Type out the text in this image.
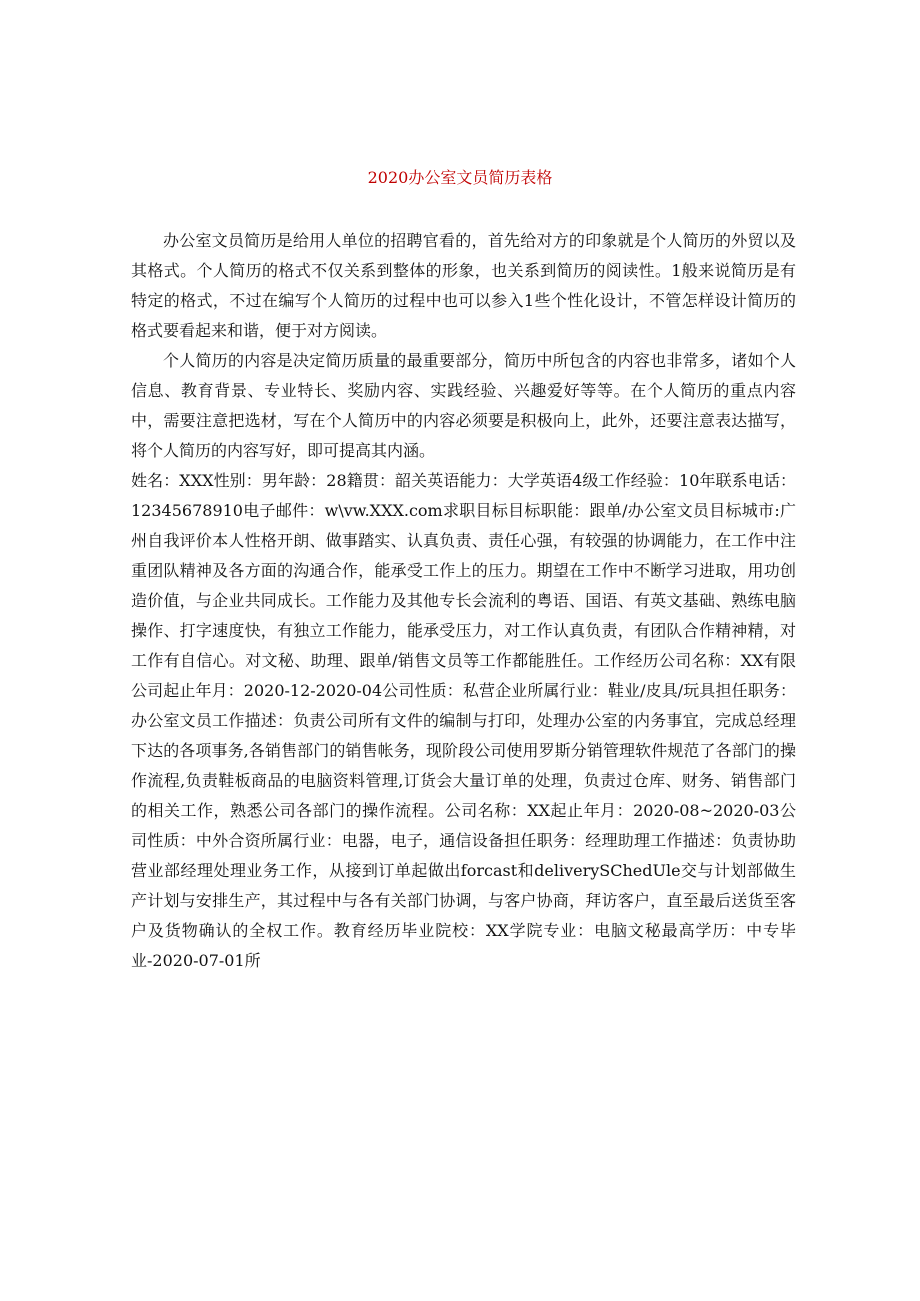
2020办公室文员简历表格

办公室文员简历是给用人单位的招聘官看的，首先给对方的印象就是个人简历的外贸以及其格式。个人简历的格式不仅关系到整体的形象，也关系到简历的阅读性。1般来说简历是有特定的格式，不过在编写个人简历的过程中也可以参入1些个性化设计，不管怎样设计简历的格式要看起来和谐，便于对方阅读。

个人简历的内容是决定简历质量的最重要部分，简历中所包含的内容也非常多，诸如个人信息、教育背景、专业特长、奖励内容、实践经验、兴趣爱好等等。在个人简历的重点内容中，需要注意把选材，写在个人简历中的内容必须要是积极向上，此外，还要注意表达描写，将个人简历的内容写好，即可提高其内涵。

姓名：XXX性别：男年龄：28籍贯：韶关英语能力：大学英语4级工作经验：10年联系电话：12345678910电子邮件：w\vw.XXX.com求职目标目标职能：跟单/办公室文员目标城市:广州自我评价本人性格开朗、做事踏实、认真负责、责任心强，有较强的协调能力，在工作中注重团队精神及各方面的沟通合作，能承受工作上的压力。期望在工作中不断学习进取，用功创造价值，与企业共同成长。工作能力及其他专长会流利的粤语、国语、有英文基础、熟练电脑操作、打字速度快，有独立工作能力，能承受压力，对工作认真负责，有团队合作精神精，对工作有自信心。对文秘、助理、跟单/销售文员等工作都能胜任。工作经历公司名称：XX有限公司起止年月：2020-12-2020-04公司性质：私营企业所属行业：鞋业/皮具/玩具担任职务：办公室文员工作描述：负责公司所有文件的编制与打印，处理办公室的内务事宜，完成总经理下达的各项事务,各销售部门的销售帐务，现阶段公司使用罗斯分销管理软件规范了各部门的操作流程,负责鞋板商品的电脑资料管理,订货会大量订单的处理，负责过仓库、财务、销售部门的相关工作，熟悉公司各部门的操作流程。公司名称：XX起止年月：2020-08~2020-03公司性质：中外合资所属行业：电器，电子，通信设备担任职务：经理助理工作描述：负责协助营业部经理处理业务工作，从接到订单起做出forcast和deliverySChedUle交与计划部做生产计划与安排生产，其过程中与各有关部门协调，与客户协商，拜访客户，直至最后送货至客户及货物确认的全权工作。教育经历毕业院校：XX学院专业：电脑文秘最高学历：中专毕业-2020-07-01所
